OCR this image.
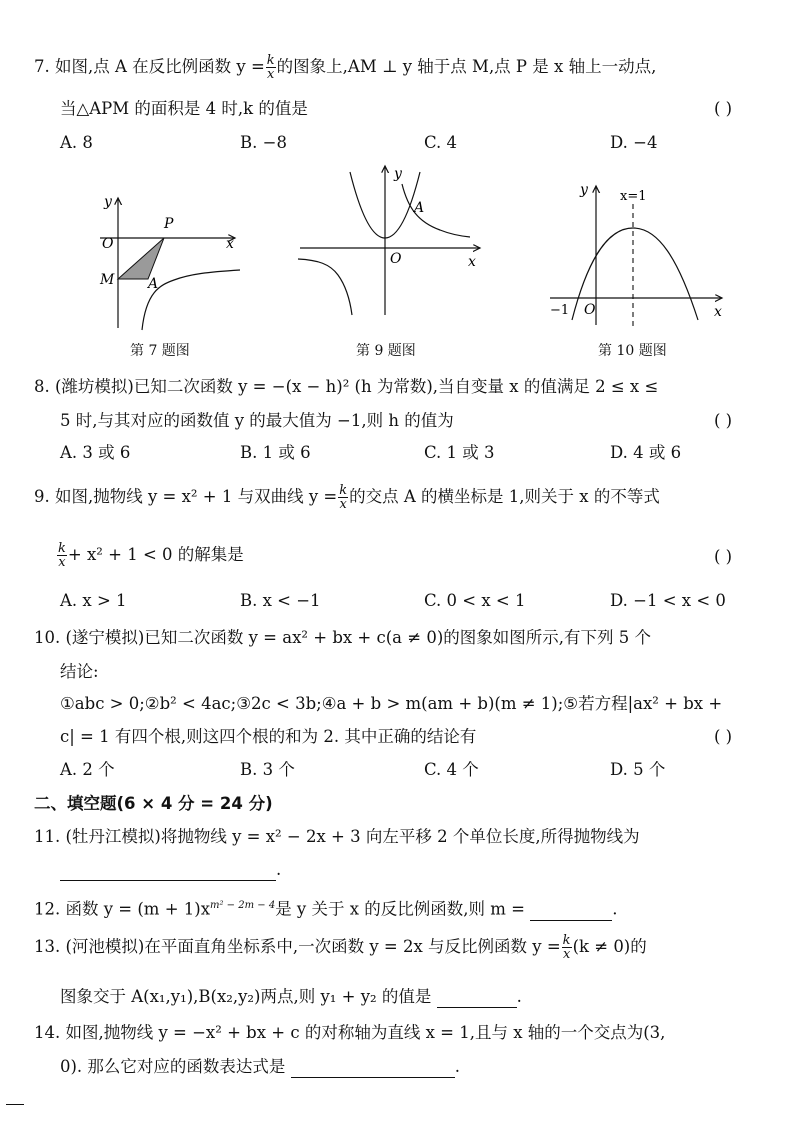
7. 如图,点 A 在反比例函数 $y = \frac{k}{x}$ 的图象上,AM ⊥ y 轴于点 M,点 P 是 x 轴上一动点,
当△APM 的面积是 4 时,k 的值是	( )
A. 8	B. −8	C. 4	D. −4
y
x
O
P
M A
第 7 题图
y
x
O
A
第 9 题图
y
x
O
−1
x=1
第 10 题图
8. (潍坊模拟)已知二次函数 y = −(x − h)² (h 为常数),当自变量 x 的值满足 2 ≤ x ≤
5 时,与其对应的函数值 y 的最大值为 −1,则 h 的值为	( )
A. 3 或 6	B. 1 或 6	C. 1 或 3	D. 4 或 6
9. 如图,抛物线 y = x² + 1 与双曲线 $y = \frac{k}{x}$ 的交点 A 的横坐标是 1,则关于 x 的不等式
$\frac{k}{x} + x^2 + 1 < 0$ 的解集是	( )
A. x > 1	B. x < −1	C. 0 < x < 1	D. −1 < x < 0
10. (遂宁模拟)已知二次函数 y = ax² + bx + c(a ≠ 0)的图象如图所示,有下列 5 个
结论:
①abc > 0;②b² < 4ac;③2c < 3b;④a + b > m(am + b)(m ≠ 1);⑤若方程|ax² + bx +
c| = 1 有四个根,则这四个根的和为 2. 其中正确的结论有	( )
A. 2 个	B. 3 个	C. 4 个	D. 5 个
二、填空题(6 × 4 分 = 24 分)
11. (牡丹江模拟)将抛物线 y = x² − 2x + 3 向左平移 2 个单位长度,所得抛物线为
.
12. 函数 $y = (m + 1)x^{m^2 - 2m - 4}$是 y 关于 x 的反比例函数,则 m =	.
13. (河池模拟)在平面直角坐标系中,一次函数 y = 2x 与反比例函数 $y = \frac{k}{x} (k \ne 0)$的
图象交于 A(x₁,y₁),B(x₂,y₂)两点,则 y₁ + y₂ 的值是	.
14. 如图,抛物线 y = −x² + bx + c 的对称轴为直线 x = 1,且与 x 轴的一个交点为(3,
0). 那么它对应的函数表达式是	.
